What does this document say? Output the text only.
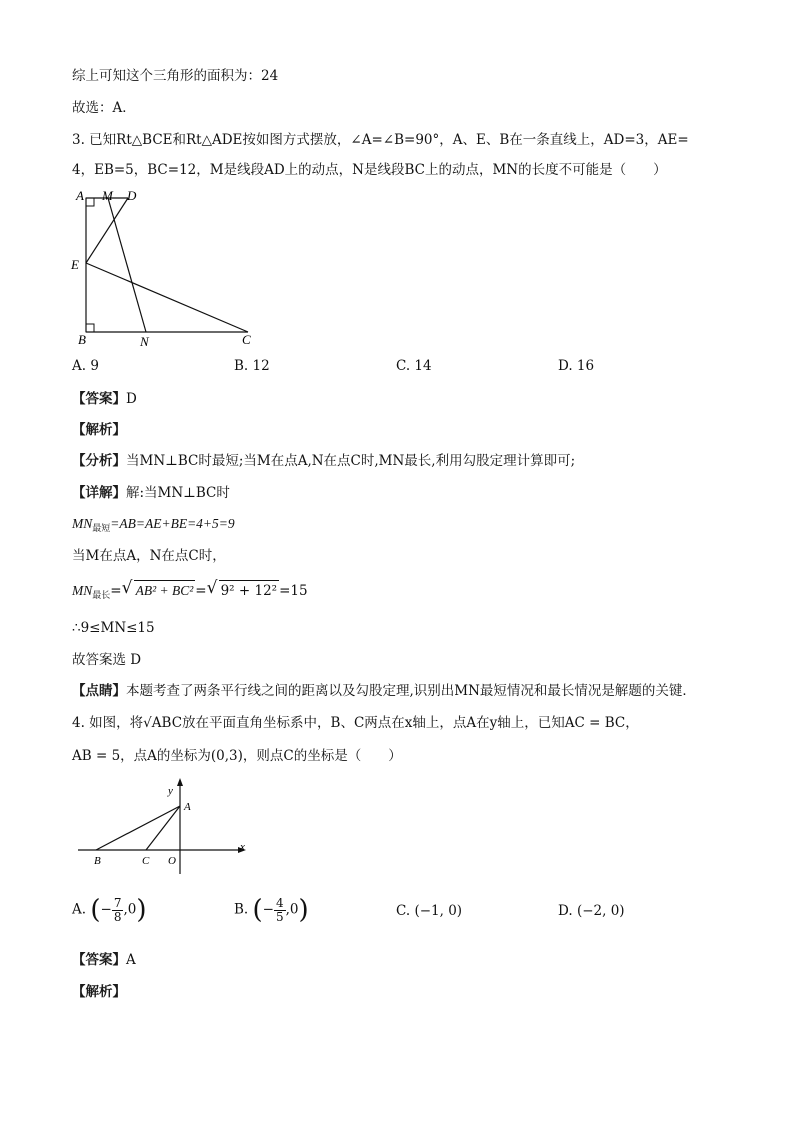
综上可知这个三角形的面积为：24
故选：A．
3. 已知Rt△BCE和Rt△ADE按如图方式摆放，∠A=∠B=90°，A、E、B在一条直线上，AD=3，AE=
4，EB=5，BC=12，M是线段AD上的动点，N是线段BC上的动点，MN的长度不可能是（　　）
A M D
E
B	N	C
A. 9	B. 12	C. 14	D. 16
【答案】D
【解析】
【分析】当MN⊥BC时最短;当M在点A,N在点C时,MN最长,利用勾股定理计算即可;
【详解】解:当MN⊥BC时
$MN_{最短}=AB=AE+BE=4+5=9$
当M在点A，N在点C时，
$MN_{最长}=$ √ AB² + BC² = √ 9² + 12² =15
∴9≤MN≤15
故答案选 D
【点睛】本题考查了两条平行线之间的距离以及勾股定理,识别出MN最短情况和最长情况是解题的关键．
4. 如图，将√ABC放在平面直角坐标系中，B、C两点在x轴上，点A在y轴上，已知AC = BC，
AB = 5，点A的坐标为(0,3)，则点C的坐标是（　　）
y
A
x
B	C O
A. (− $\frac{7}{8} ,0$)	B. (− $\frac{4}{5} ,0$)	C. (−1, 0)	D. (−2, 0)
【答案】A
【解析】
